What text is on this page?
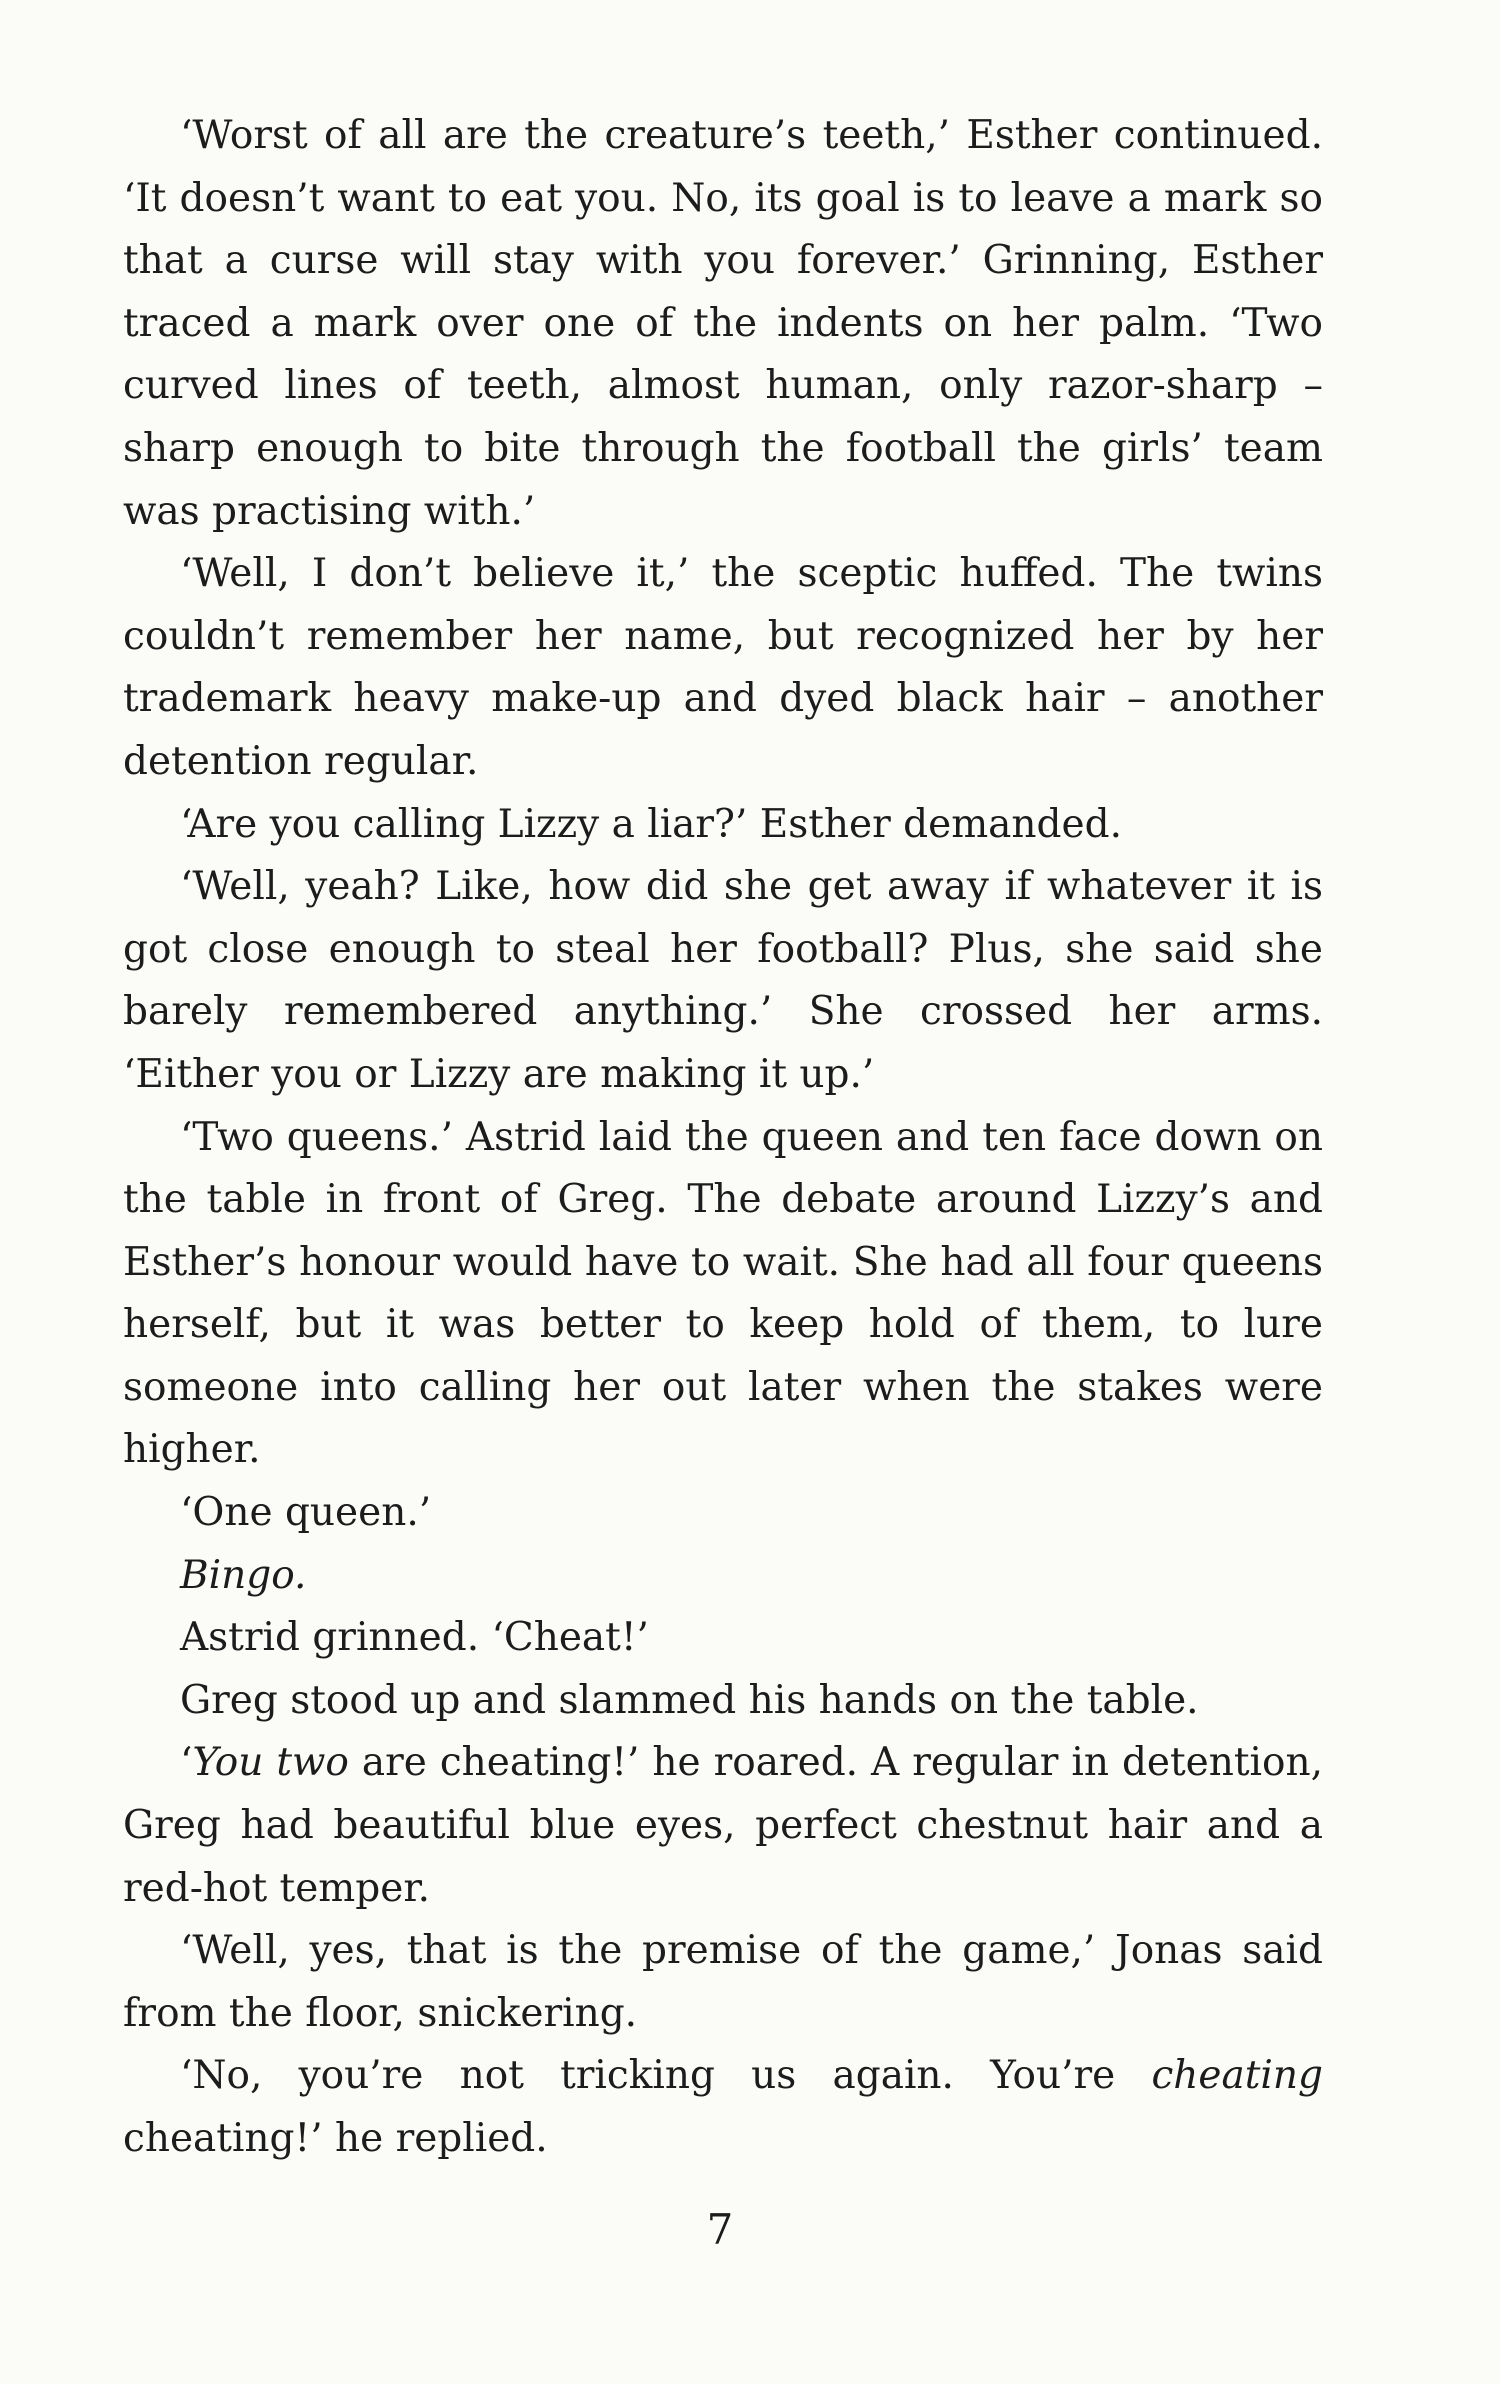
‘Worst of all are the creature’s teeth,’ Esther continued. ‘It doesn’t want to eat you. No, its goal is to leave a mark so that a curse will stay with you forever.’ Grinning, Esther traced a mark over one of the indents on her palm. ‘Two curved lines of teeth, almost human, only razor-sharp – sharp enough to bite through the football the girls’ team was practising with.’

‘Well, I don’t believe it,’ the sceptic huffed. The twins couldn’t remember her name, but recognized her by her trademark heavy make-up and dyed black hair – another detention regular.

‘Are you calling Lizzy a liar?’ Esther demanded.

‘Well, yeah? Like, how did she get away if whatever it is got close enough to steal her football? Plus, she said she barely remembered anything.’ She crossed her arms. ‘Either you or Lizzy are making it up.’

‘Two queens.’ Astrid laid the queen and ten face down on the table in front of Greg. The debate around Lizzy’s and Esther’s honour would have to wait. She had all four queens herself, but it was better to keep hold of them, to lure someone into calling her out later when the stakes were higher.

‘One queen.’

Bingo.

Astrid grinned. ‘Cheat!’

Greg stood up and slammed his hands on the table.

‘You two are cheating!’ he roared. A regular in detention, Greg had beautiful blue eyes, perfect chestnut hair and a red-hot temper.

‘Well, yes, that is the premise of the game,’ Jonas said from the floor, snickering.

‘No, you’re not tricking us again. You’re cheating cheating!’ he replied.

7
